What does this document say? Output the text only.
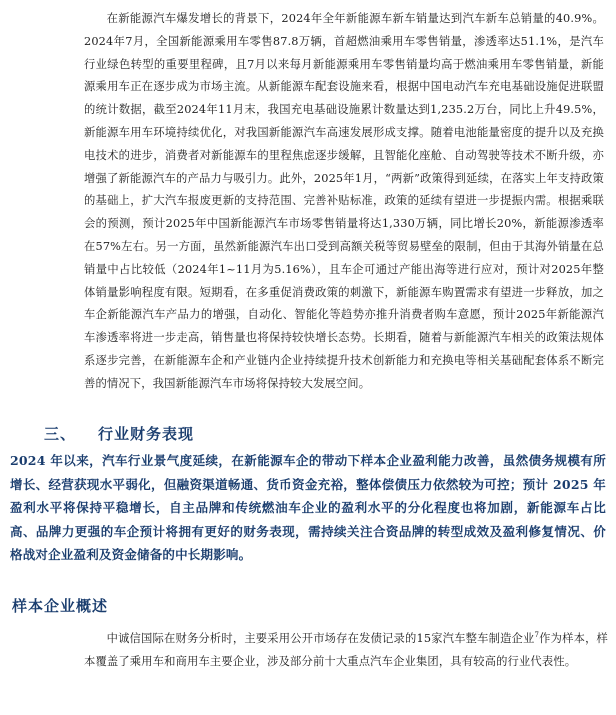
在新能源汽车爆发增长的背景下，2024年全年新能源车新车销量达到汽车新车总销量的40.9%。2024年7月，全国新能源乘用车零售87.8万辆，首超燃油乘用车零售销量，渗透率达51.1%，是汽车行业绿色转型的重要里程碑，且7月以来每月新能源乘用车零售销量均高于燃油乘用车零售销量，新能源乘用车正在逐步成为市场主流。从新能源车配套设施来看，根据中国电动汽车充电基础设施促进联盟的统计数据，截至2024年11月末，我国充电基础设施累计数量达到1,235.2万台，同比上升49.5%，新能源车用车环境持续优化，对我国新能源汽车高速发展形成支撑。随着电池能量密度的提升以及充换电技术的进步，消费者对新能源车的里程焦虑逐步缓解，且智能化座舱、自动驾驶等技术不断升级，亦增强了新能源汽车的产品力与吸引力。此外，2025年1月，“两新”政策得到延续，在落实上年支持政策的基础上，扩大汽车报废更新的支持范围、完善补贴标准，政策的延续有望进一步提振内需。根据乘联会的预测，预计2025年中国新能源汽车市场零售销量将达1,330万辆，同比增长20%，新能源渗透率在57%左右。另一方面，虽然新能源汽车出口受到高额关税等贸易壁垒的限制，但由于其海外销量在总销量中占比较低（2024年1~11月为5.16%），且车企可通过产能出海等进行应对，预计对2025年整体销量影响程度有限。短期看，在多重促消费政策的刺激下，新能源车购置需求有望进一步释放，加之车企新能源汽车产品力的增强，自动化、智能化等趋势亦推升消费者购车意愿，预计2025年新能源汽车渗透率将进一步走高，销售量也将保持较快增长态势。长期看，随着与新能源汽车相关的政策法规体系逐步完善，在新能源车企和产业链内企业持续提升技术创新能力和充换电等相关基础配套体系不断完善的情况下，我国新能源汽车市场将保持较大发展空间。

三、 行业财务表现

2024 年以来，汽车行业景气度延续，在新能源车企的带动下样本企业盈利能力改善，虽然债务规模有所增长、经营获现水平弱化，但融资渠道畅通、货币资金充裕，整体偿债压力依然较为可控；预计 2025 年盈利水平将保持平稳增长，自主品牌和传统燃油车企业的盈利水平的分化程度也将加剧，新能源车占比高、品牌力更强的车企预计将拥有更好的财务表现，需持续关注合资品牌的转型成效及盈利修复情况、价格战对企业盈利及资金储备的中长期影响。

样本企业概述

中诚信国际在财务分析时，主要采用公开市场存在发债记录的15家汽车整车制造企业$^7$作为样本，样本覆盖了乘用车和商用车主要企业，涉及部分前十大重点汽车企业集团，具有较高的行业代表性。
